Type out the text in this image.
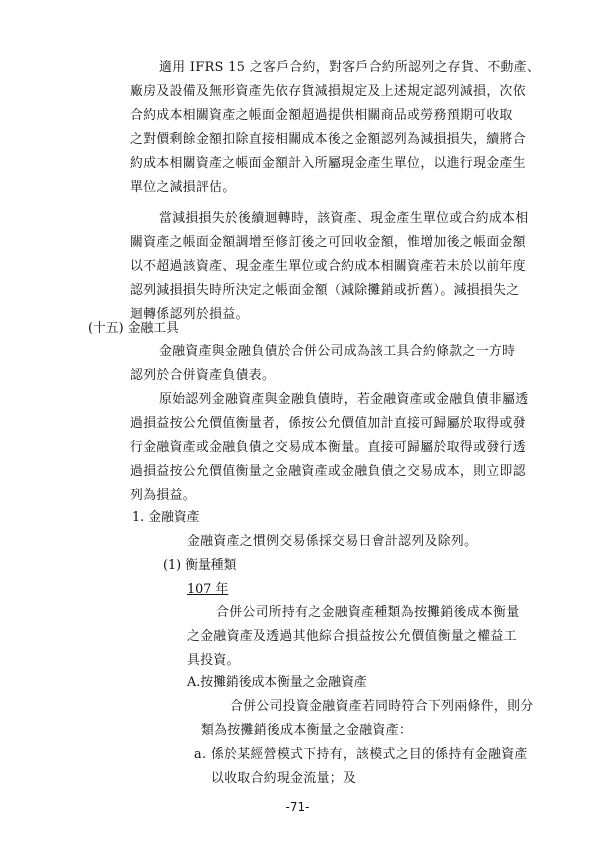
適用 IFRS 15 之客戶合約，對客戶合約所認列之存貨、不動產、
廠房及設備及無形資產先依存貨減損規定及上述規定認列減損，次依
合約成本相關資產之帳面金額超過提供相關商品或勞務預期可收取
之對價剩餘金額扣除直接相關成本後之金額認列為減損損失，續將合
約成本相關資產之帳面金額計入所屬現金產生單位，以進行現金產生
單位之減損評估。
當減損損失於後續迴轉時，該資產、現金產生單位或合約成本相
關資產之帳面金額調增至修訂後之可回收金額，惟增加後之帳面金額
以不超過該資產、現金產生單位或合約成本相關資產若未於以前年度
認列減損損失時所決定之帳面金額（減除攤銷或折舊）。減損損失之
迴轉係認列於損益。
(十五) 金融工具
金融資產與金融負債於合併公司成為該工具合約條款之一方時
認列於合併資產負債表。
原始認列金融資產與金融負債時，若金融資產或金融負債非屬透
過損益按公允價值衡量者，係按公允價值加計直接可歸屬於取得或發
行金融資產或金融負債之交易成本衡量。直接可歸屬於取得或發行透
過損益按公允價值衡量之金融資產或金融負債之交易成本，則立即認
列為損益。
1. 金融資產
金融資產之慣例交易係採交易日會計認列及除列。
(1) 衡量種類
107 年
合併公司所持有之金融資產種類為按攤銷後成本衡量
之金融資產及透過其他綜合損益按公允價值衡量之權益工
具投資。
A.按攤銷後成本衡量之金融資產
合併公司投資金融資產若同時符合下列兩條件，則分
類為按攤銷後成本衡量之金融資產：
a. 係於某經營模式下持有，該模式之目的係持有金融資產
以收取合約現金流量；及
-71-
